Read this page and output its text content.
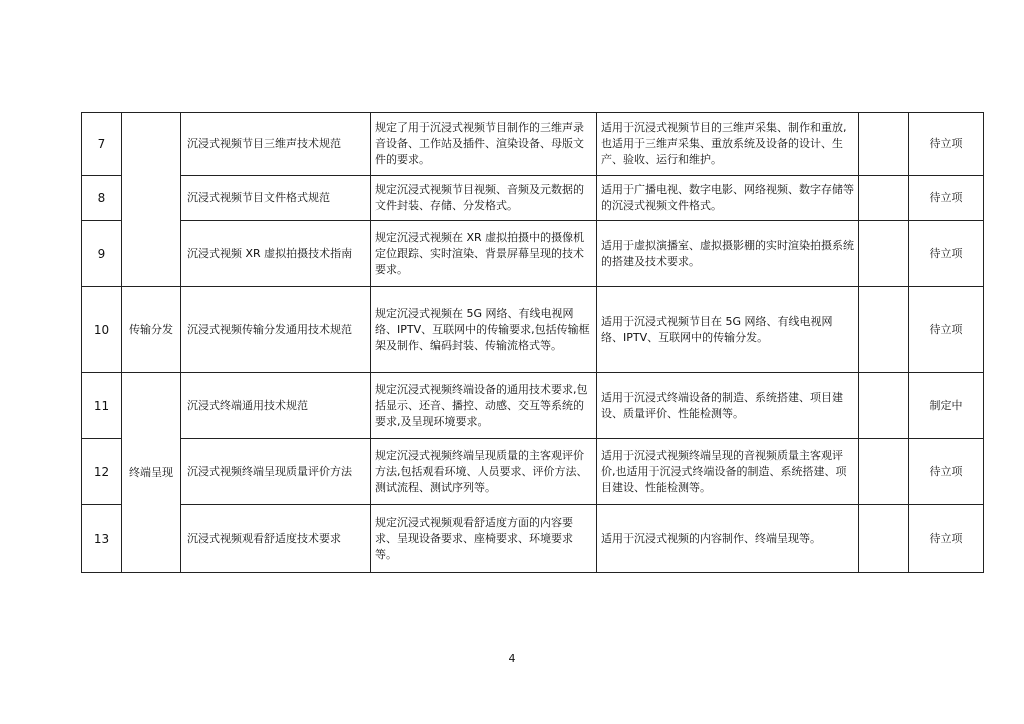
7		沉浸式视频节目三维声技术规范	规定了用于沉浸式视频节目制作的三维声录音设备、工作站及插件、渲染设备、母版文件的要求。	适用于沉浸式视频节目的三维声采集、制作和重放,也适用于三维声采集、重放系统及设备的设计、生产、验收、运行和维护。		待立项
8		沉浸式视频节目文件格式规范	规定沉浸式视频节目视频、音频及元数据的文件封装、存储、分发格式。	适用于广播电视、数字电影、网络视频、数字存储等的沉浸式视频文件格式。		待立项
9		沉浸式视频 XR 虚拟拍摄技术指南	规定沉浸式视频在 XR 虚拟拍摄中的摄像机定位跟踪、实时渲染、背景屏幕呈现的技术要求。	适用于虚拟演播室、虚拟摄影棚的实时渲染拍摄系统的搭建及技术要求。		待立项
10	传输分发	沉浸式视频传输分发通用技术规范	规定沉浸式视频在 5G 网络、有线电视网络、IPTV、互联网中的传输要求,包括传输框架及制作、编码封装、传输流格式等。	适用于沉浸式视频节目在 5G 网络、有线电视网络、IPTV、互联网中的传输分发。		待立项
11	终端呈现	沉浸式终端通用技术规范	规定沉浸式视频终端设备的通用技术要求,包括显示、还音、播控、动感、交互等系统的要求,及呈现环境要求。	适用于沉浸式终端设备的制造、系统搭建、项目建设、质量评价、性能检测等。		制定中
12		沉浸式视频终端呈现质量评价方法	规定沉浸式视频终端呈现质量的主客观评价方法,包括观看环境、人员要求、评价方法、测试流程、测试序列等。	适用于沉浸式视频终端呈现的音视频质量主客观评价,也适用于沉浸式终端设备的制造、系统搭建、项目建设、性能检测等。		待立项
13		沉浸式视频观看舒适度技术要求	规定沉浸式视频观看舒适度方面的内容要求、呈现设备要求、座椅要求、环境要求等。	适用于沉浸式视频的内容制作、终端呈现等。		待立项
4
